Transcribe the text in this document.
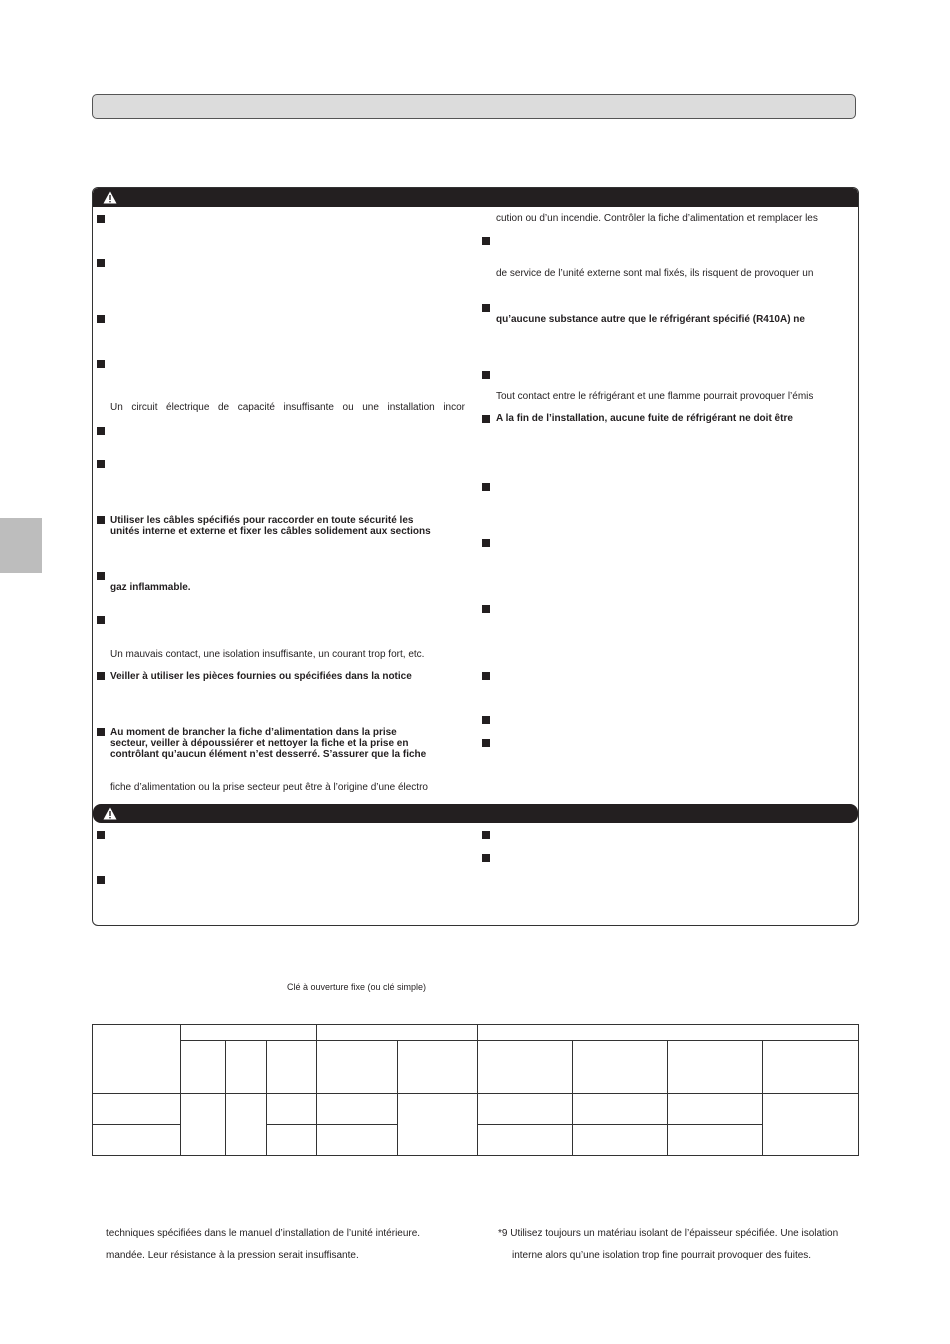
Un circuit électrique de capacité insuffisante ou une installation incor
Utiliser les câbles spécifiés pour raccorder en toute sécurité les
unités interne et externe et fixer les câbles solidement aux sections
gaz inflammable.
Un mauvais contact, une isolation insuffisante, un courant trop fort, etc.
Veiller à utiliser les pièces fournies ou spécifiées dans la notice
Au moment de brancher la fiche d’alimentation dans la prise
secteur, veiller à dépoussiérer et nettoyer la fiche et la prise en
contrôlant qu’aucun élément n’est desserré. S’assurer que la fiche
fiche d’alimentation ou la prise secteur peut être à l’origine d’une électro
cution ou d’un incendie. Contrôler la fiche d’alimentation et remplacer les
de service de l’unité externe sont mal fixés, ils risquent de provoquer un
qu’aucune substance autre que le réfrigérant spécifié (R410A) ne
Tout contact entre le réfrigérant et une flamme pourrait provoquer l’émis
A la fin de l’installation, aucune fuite de réfrigérant ne doit être
Clé à ouverture fixe (ou clé simple)

techniques spécifiées dans le manuel d’installation de l’unité intérieure.
mandée. Leur résistance à la pression serait insuffisante.
*9 Utilisez toujours un matériau isolant de l’épaisseur spécifiée. Une isolation
interne alors qu’une isolation trop fine pourrait provoquer des fuites.
